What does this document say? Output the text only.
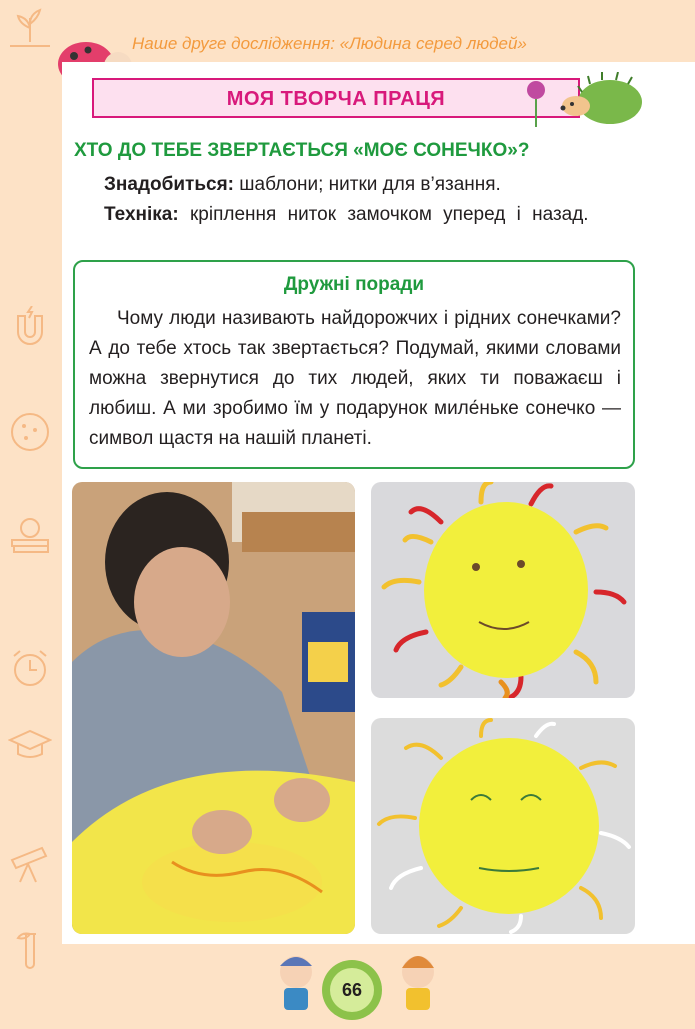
Наше друге дослідження: «Людина серед людей»
МОЯ ТВОРЧА ПРАЦЯ
ХТО ДО ТЕБЕ ЗВЕРТАЄТЬСЯ «МОЄ СОНЕЧКО»?
Знадобиться: шаблони; нитки для в’язання.
Техніка: кріплення ниток замочком уперед і назад.
Дружні поради
Чому люди називають найдорожчих і рідних сонечками? А до тебе хтось так звертається? Подумай, якими словами можна звернутися до тих людей, яких ти поважаєш і любиш. А ми зробимо їм у подарунок миле́ньке сонечко — символ щастя на нашій планеті.
66
